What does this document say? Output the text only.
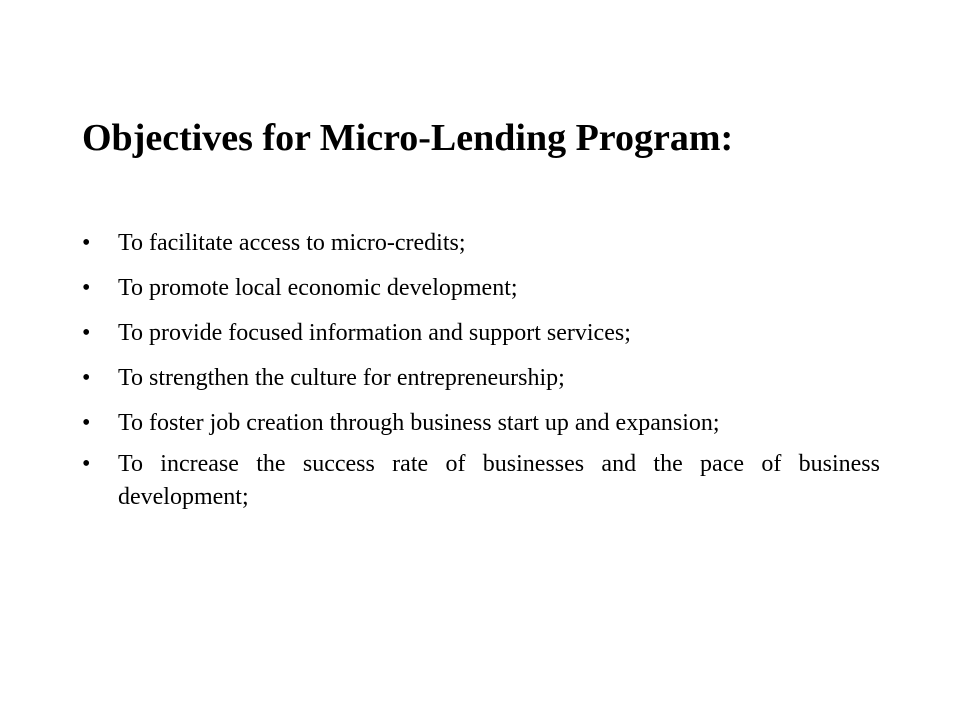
Objectives for Micro-Lending Program:
•	To facilitate access to micro-credits;
•	To promote local economic development;
•	To provide focused information and support services;
•	To strengthen the culture for entrepreneurship;
•	To foster job creation through business start up and expansion;
•	To increase the success rate of businesses and the pace of business development;
